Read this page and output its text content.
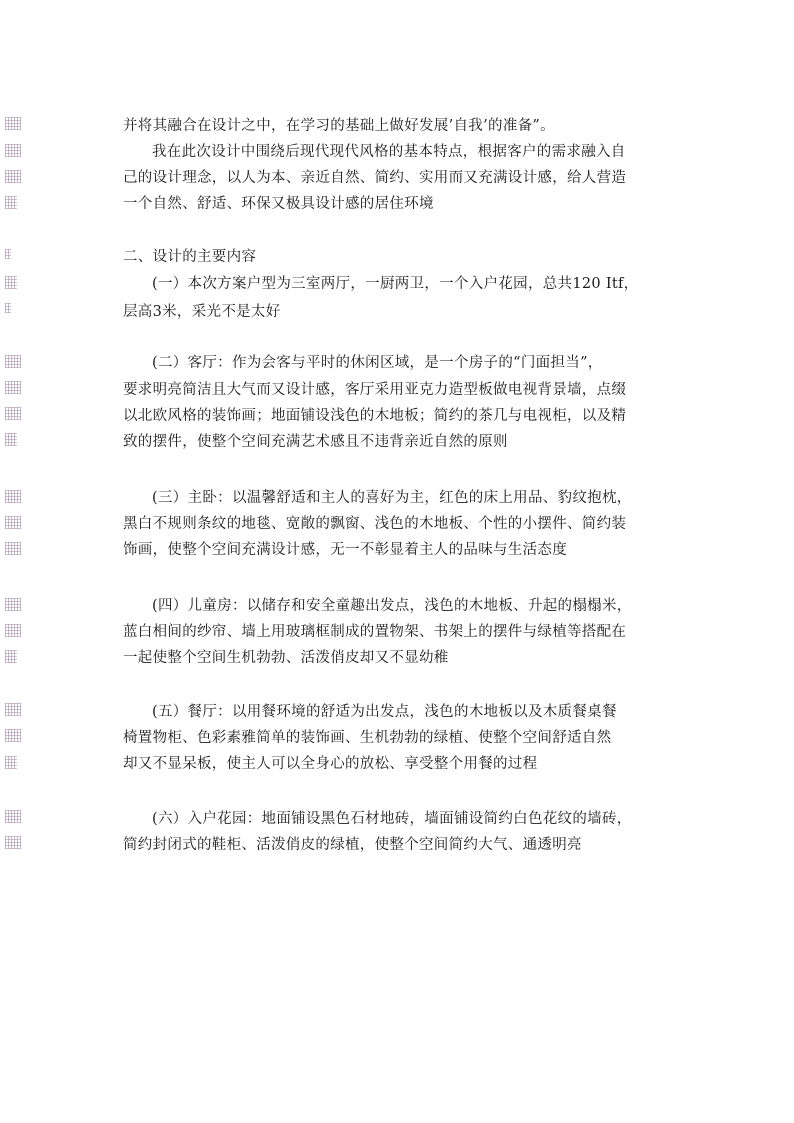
并将其融合在设计之中，在学习的基础上做好发展’自我’的准备”。
我在此次设计中围绕后现代现代风格的基本特点，根据客户的需求融入自
己的设计理念，以人为本、亲近自然、简约、实用而又充满设计感，给人营造
一个自然、舒适、环保又极具设计感的居住环境
二、设计的主要内容
(一）本次方案户型为三室两厅，一厨两卫，一个入户花园，总共120 Itf，
层高3米，采光不是太好
(二）客厅：作为会客与平时的休闲区域，是一个房子的“门面担当”，
要求明亮简洁且大气而又设计感，客厅采用亚克力造型板做电视背景墙，点缀
以北欧风格的装饰画；地面铺设浅色的木地板；简约的茶几与电视柜，以及精
致的摆件，使整个空间充满艺术感且不违背亲近自然的原则
(三）主卧：以温馨舒适和主人的喜好为主，红色的床上用品、豹纹抱枕，
黑白不规则条纹的地毯、宽敞的飘窗、浅色的木地板、个性的小摆件、简约装
饰画，使整个空间充满设计感，无一不彰显着主人的品味与生活态度
(四）儿童房：以储存和安全童趣出发点，浅色的木地板、升起的榻榻米，
蓝白相间的纱帘、墙上用玻璃框制成的置物架、书架上的摆件与绿植等搭配在
一起使整个空间生机勃勃、活泼俏皮却又不显幼稚
(五）餐厅：以用餐环境的舒适为出发点，浅色的木地板以及木质餐桌餐
椅置物柜、色彩素雅简单的装饰画、生机勃勃的绿植、使整个空间舒适自然
却又不显呆板，使主人可以全身心的放松、享受整个用餐的过程
(六）入户花园：地面铺设黑色石材地砖，墙面铺设简约白色花纹的墙砖，
简约封闭式的鞋柜、活泼俏皮的绿植，使整个空间简约大气、通透明亮
